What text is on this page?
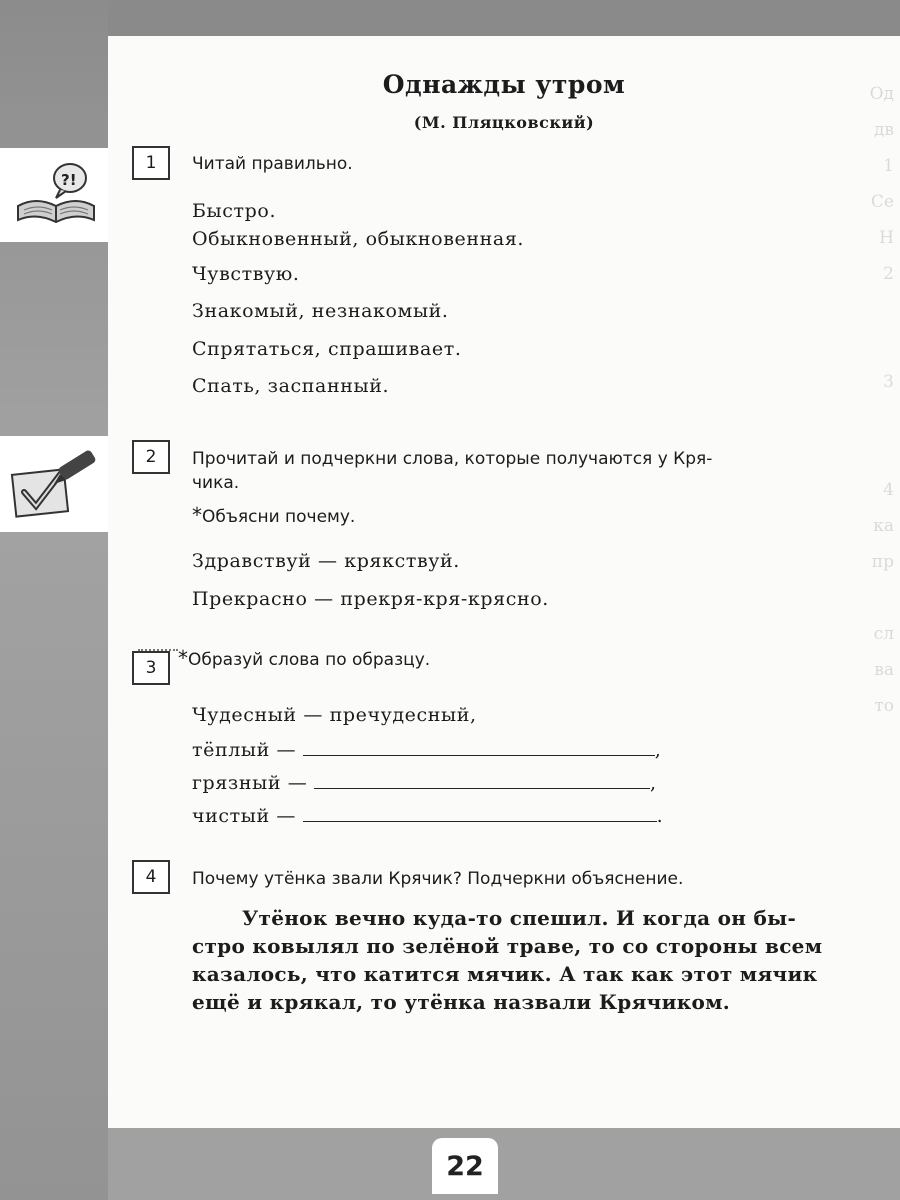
?!
Од
дв
1
Се
Н
2

3

4
ка
пр

сл
ва
то
Однажды утром
(М. Пляцковский)
1	Читай правильно.
Быстро.
Обыкновенный, обыкновенная.
Чувствую.
Знакомый, незнакомый.
Спрятаться, спрашивает.
Спать, заспанный.
2	Прочитай и подчеркни слова, которые получаются у Кря-
чика.
*Объясни почему.
Здравствуй — крякствуй.
Прекрасно — прекря-кря-крясно.
3	*Образуй слова по образцу.
Чудесный — пречудесный,
тёплый —	,
грязный —	,
чистый —	.
4	Почему утёнка звали Крячик? Подчеркни объяснение.
Утёнок вечно куда-то спешил. И когда он бы-
стро ковылял по зелёной траве, то со стороны всем
казалось, что катится мячик. А так как этот мячик
ещё и крякал, то утёнка назвали Крячиком.
22
